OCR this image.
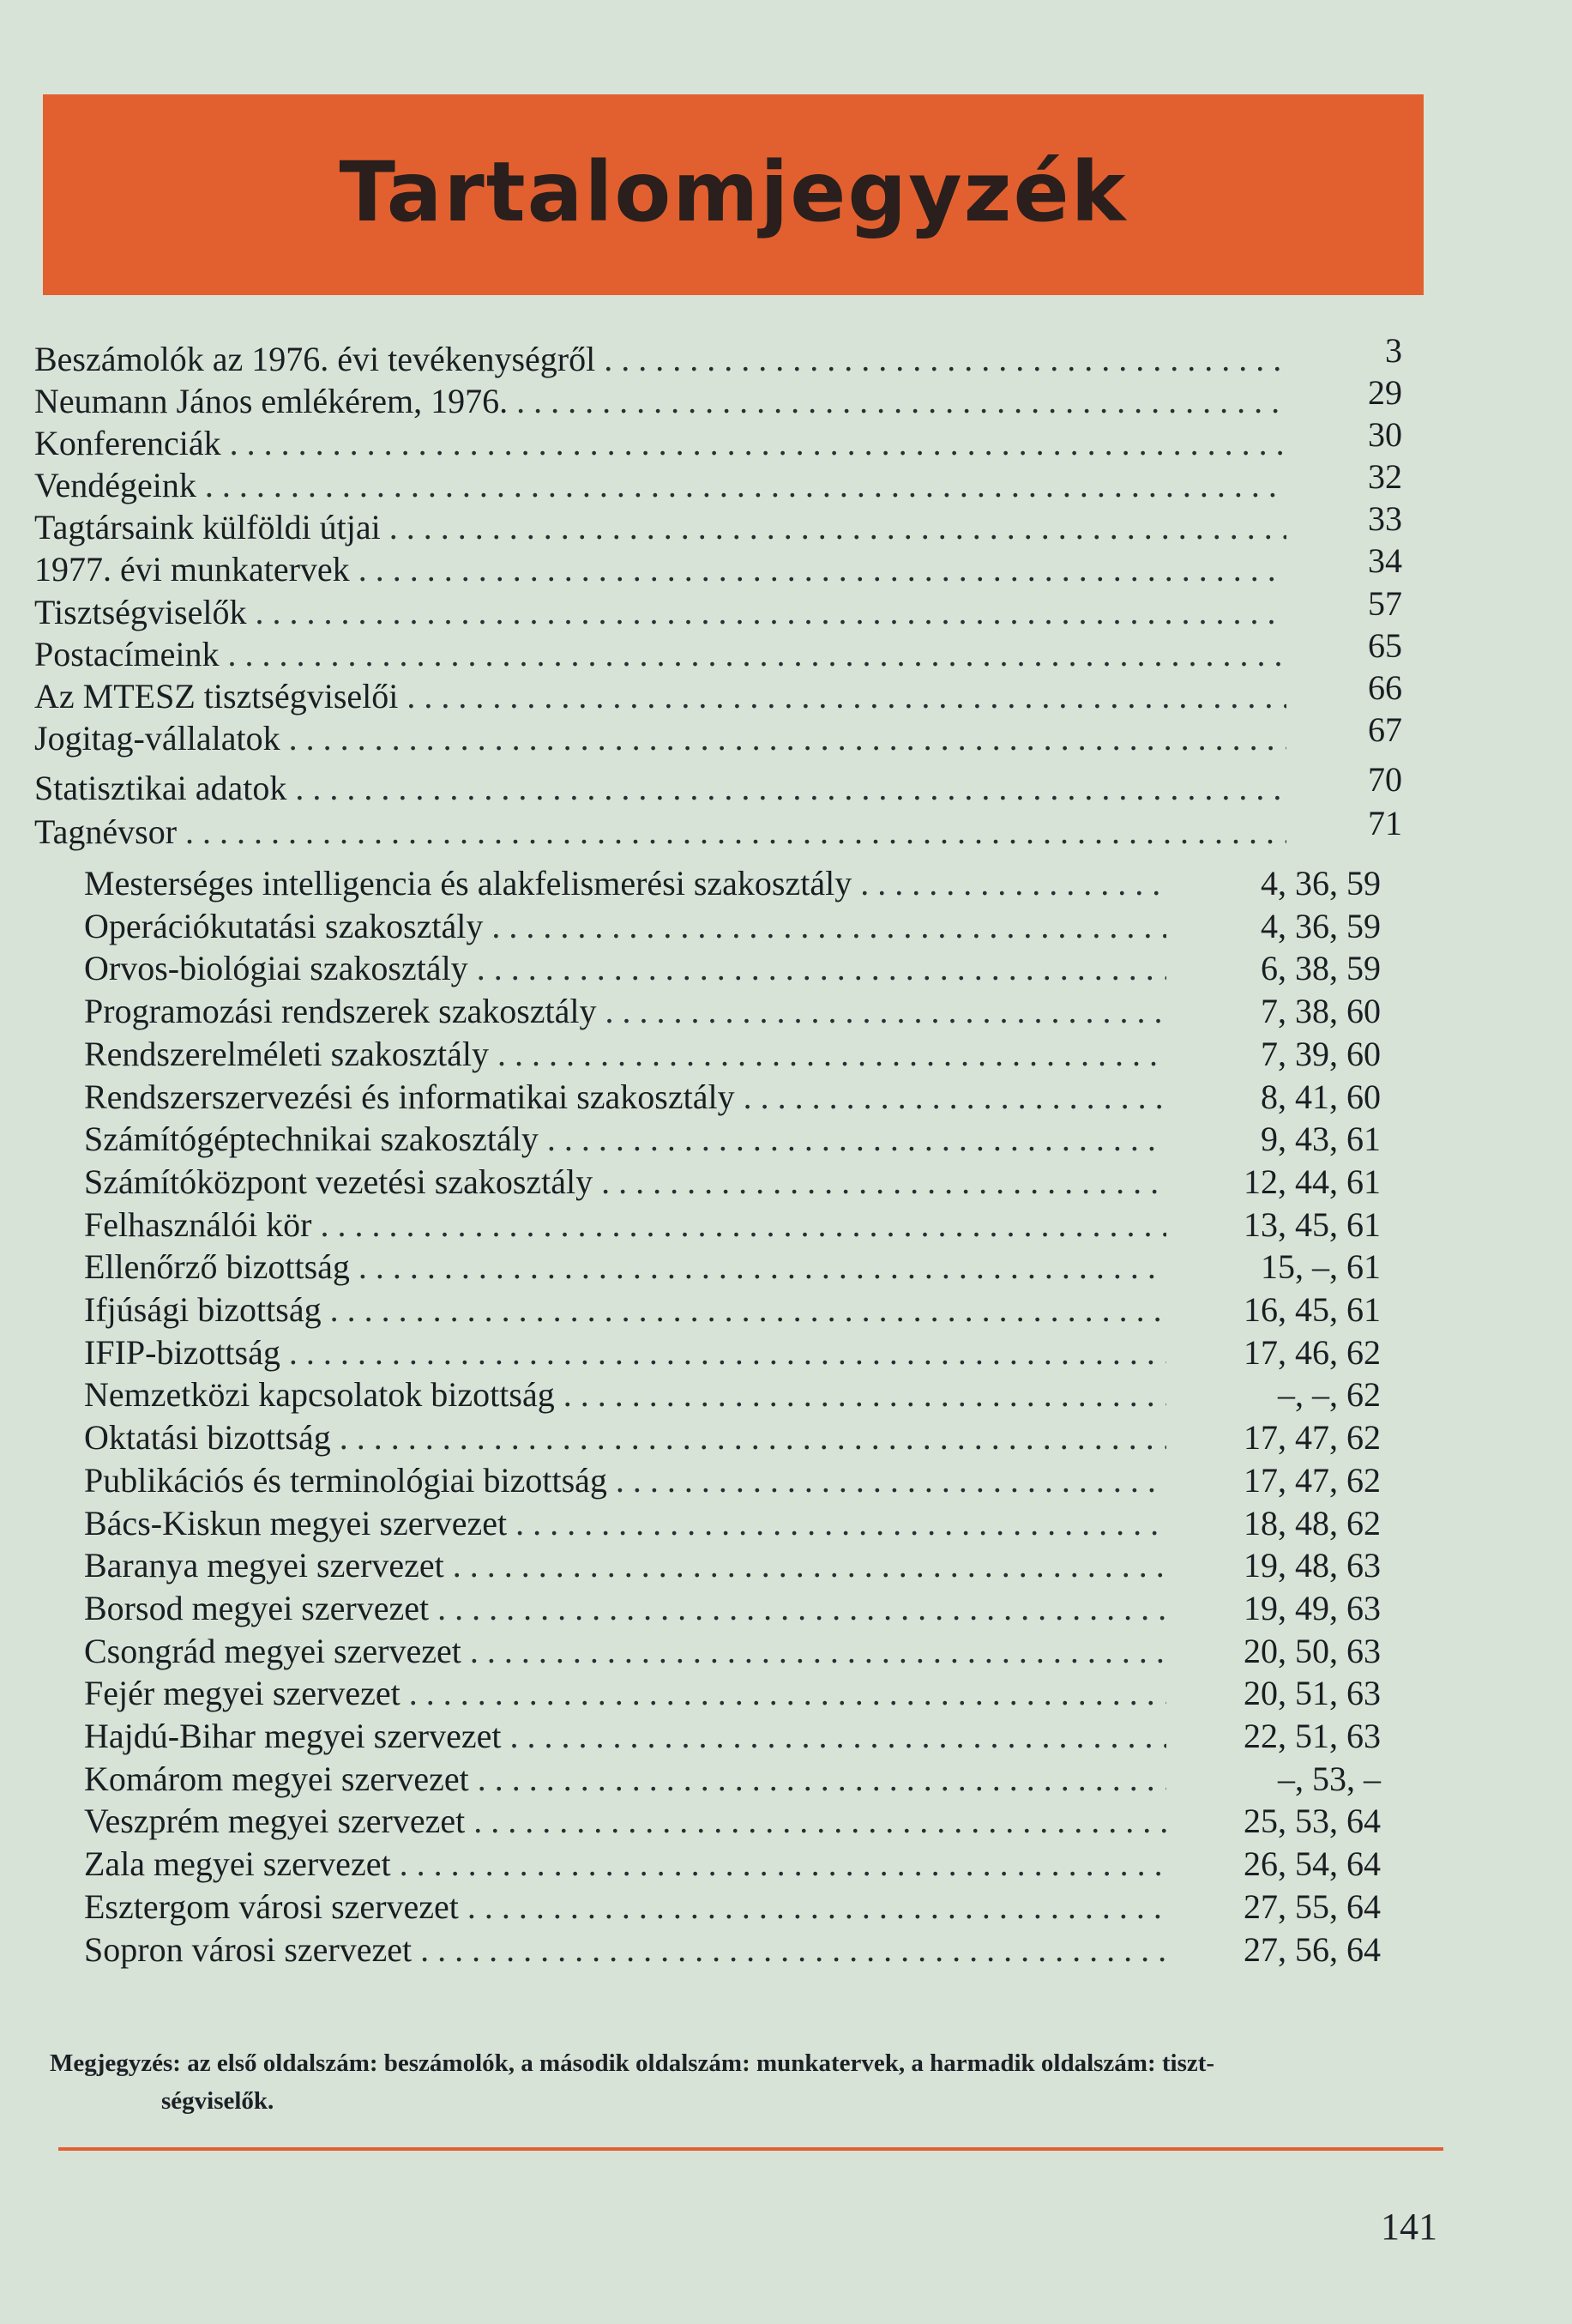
Tartalomjegyzék
Beszámolók az 1976. évi tevékenységről . . .	3
Neumann János emlékérem, 1976. . . .	29
Konferenciák . . .	30
Vendégeink . . .	32
Tagtársaink külföldi útjai . . .	33
1977. évi munkatervek . . .	34
Tisztségviselők . . .	57
Postacímeink . . .	65
Az MTESZ tisztségviselői . . .	66
Jogitag-vállalatok . . .	67
Statisztikai adatok . . .	70
Tagnévsor . . .	71
Mesterséges intelligencia és alakfelismerési szakosztály . . .	4, 36, 59
Operációkutatási szakosztály . . .	4, 36, 59
Orvos-biológiai szakosztály . . .	6, 38, 59
Programozási rendszerek szakosztály . . .	7, 38, 60
Rendszerelméleti szakosztály . . .	7, 39, 60
Rendszerszervezési és informatikai szakosztály . . .	8, 41, 60
Számítógéptechnikai szakosztály . . .	9, 43, 61
Számítóközpont vezetési szakosztály . . .	12, 44, 61
Felhasználói kör . . .	13, 45, 61
Ellenőrző bizottság . . .	15, –, 61
Ifjúsági bizottság . . .	16, 45, 61
IFIP-bizottság . . .	17, 46, 62
Nemzetközi kapcsolatok bizottság . . .	–, –, 62
Oktatási bizottság . . .	17, 47, 62
Publikációs és terminológiai bizottság . . .	17, 47, 62
Bács-Kiskun megyei szervezet . . .	18, 48, 62
Baranya megyei szervezet . . .	19, 48, 63
Borsod megyei szervezet . . .	19, 49, 63
Csongrád megyei szervezet . . .	20, 50, 63
Fejér megyei szervezet . . .	20, 51, 63
Hajdú-Bihar megyei szervezet . . .	22, 51, 63
Komárom megyei szervezet . . .	–, 53, –
Veszprém megyei szervezet . . .	25, 53, 64
Zala megyei szervezet . . .	26, 54, 64
Esztergom városi szervezet . . .	27, 55, 64
Sopron városi szervezet . . .	27, 56, 64
Megjegyzés: az első oldalszám: beszámolók, a második oldalszám: munkatervek, a harmadik oldalszám: tiszt-
ségviselők.
141
